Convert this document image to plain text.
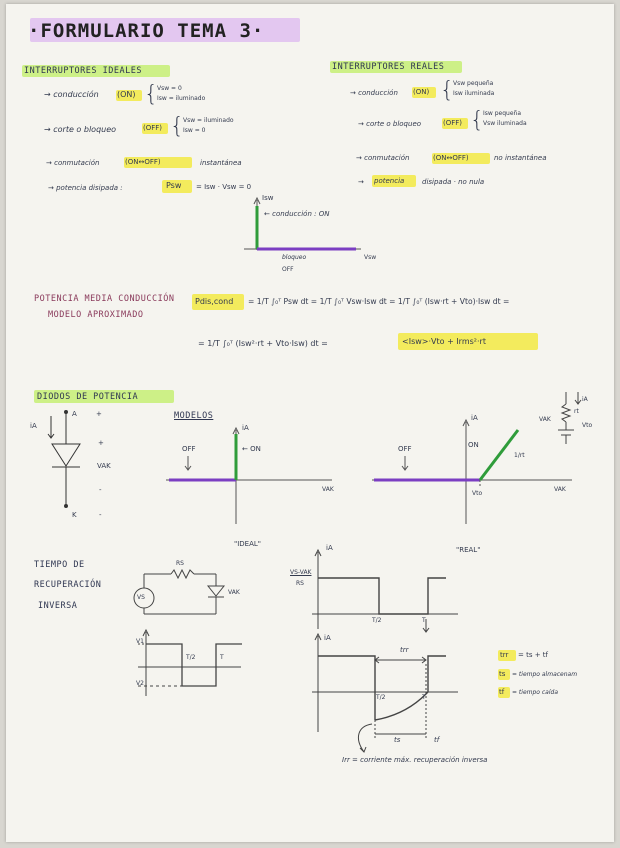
·FORMULARIO TEMA 3·
INTERRUPTORES IDEALES
→ conducción (ON) { Vsw = 0
Isw = iluminado
→ corte o bloqueo	(OFF) { Vsw = iluminado
Isw = 0
→ conmutación	(ON↔OFF)	instantánea
→ potencia disipada :	Psw = Isw · Vsw = 0
Isw
← conducción : ON
bloqueo
OFF
Vsw
INTERRUPTORES REALES
→ conducción (ON) { Vsw pequeña
Isw iluminada
→ corte o bloqueo	(OFF) { Isw pequeña
Vsw iluminada
→ conmutación	(ON↔OFF)	no instantánea
→ potencia	disipada · no nula
POTENCIA MEDIA CONDUCCIÓN
MODELO APROXIMADO
Pdis,cond = 1/T ∫₀ᵀ Psw dt = 1/T ∫₀ᵀ Vsw·Isw dt = 1/T ∫₀ᵀ (Isw·rt + Vto)·Isw dt =
= 1/T ∫₀ᵀ (Isw²·rt + Vto·Isw) dt =	<Isw>·Vto + Irms²·rt
DIODOS DE POTENCIA
iA
A	+
+
VAK
-
-
K
MODELOS
iA
OFF	← ON
VAK
"IDEAL"
iA
OFF	ON
1/rt
Vto
VAK
"REAL"
iA
rt
VAK
Vto
TIEMPO DE
RECUPERACIÓN
INVERSA
RS
VS
VAK
V1
V2
T/2	T
iA
VS-VAK
RS
T/2	T
iA
trr
T/2	T
ts	tf
trr = ts + tf
ts = tiempo almacenam
tf = tiempo caída
Irr = corriente máx. recuperación inversa
